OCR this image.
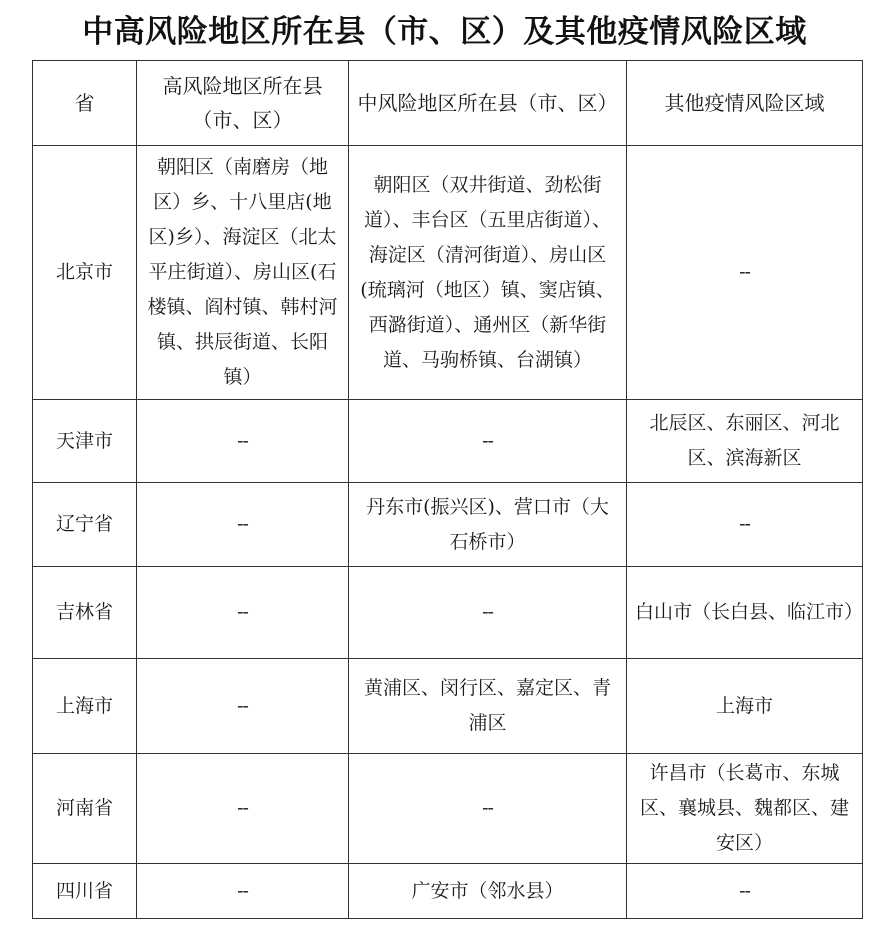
中高风险地区所在县（市、区）及其他疫情风险区域
省	高风险地区所在县（市、区）	中风险地区所在县（市、区）	其他疫情风险区域
北京市	朝阳区（南磨房（地区）乡、十八里店(地区)乡）、海淀区（北太平庄街道）、房山区(石楼镇、阎村镇、韩村河镇、拱辰街道、长阳镇）	朝阳区（双井街道、劲松街道）、丰台区（五里店街道）、海淀区（清河街道）、房山区(琉璃河（地区）镇、窦店镇、西潞街道）、通州区（新华街道、马驹桥镇、台湖镇）	--
天津市	--	--	北辰区、东丽区、河北区、滨海新区
辽宁省	--	丹东市(振兴区)、营口市（大石桥市）	--
吉林省	--	--	白山市（长白县、临江市）
上海市	--	黄浦区、闵行区、嘉定区、青浦区	上海市
河南省	--	--	许昌市（长葛市、东城区、襄城县、魏都区、建安区）
四川省	--	广安市（邻水县）	--
